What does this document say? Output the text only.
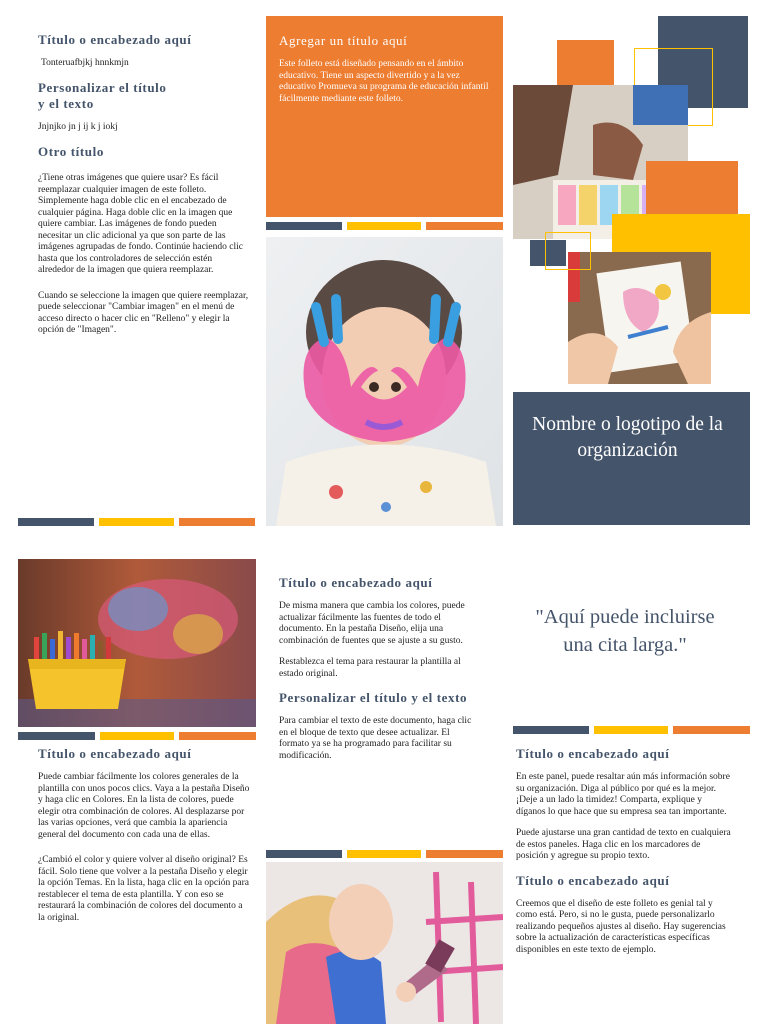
Título o encabezado aquí

Tonteruafbjkj hnnkmjn

Personalizar el título
y el texto

Jnjnjko jn j ij k j iokj

Otro título

¿Tiene otras imágenes que quiere usar? Es fácil reemplazar cualquier imagen de este folleto. Simplemente haga doble clic en el encabezado de cualquier página. Haga doble clic en la imagen que quiere cambiar. Las imágenes de fondo pueden necesitar un clic adicional ya que son parte de las imágenes agrupadas de fondo. Continúe haciendo clic hasta que los controladores de selección estén alrededor de la imagen que quiera reemplazar.

Cuando se seleccione la imagen que quiere reemplazar, puede seleccionar "Cambiar imagen" en el menú de acceso directo o hacer clic en "Relleno" y elegir la opción de "Imagen".

Agregar un título aquí

Este folleto está diseñado pensando en el ámbito educativo. Tiene un aspecto divertido y a la vez educativo Promueva su programa de educación infantil fácilmente mediante este folleto.

Nombre o logotipo de la organización

Título o encabezado aquí

Puede cambiar fácilmente los colores generales de la plantilla con unos pocos clics. Vaya a la pestaña Diseño y haga clic en Colores. En la lista de colores, puede elegir otra combinación de colores. Al desplazarse por las varias opciones, verá que cambia la apariencia general del documento con cada una de ellas.

¿Cambió el color y quiere volver al diseño original? Es fácil. Solo tiene que volver a la pestaña Diseño y elegir la opción Temas. En la lista, haga clic en la opción para restablecer el tema de esta plantilla. Y con eso se restaurará la combinación de colores del documento a la original.

Título o encabezado aquí

De misma manera que cambia los colores, puede actualizar fácilmente las fuentes de todo el documento. En la pestaña Diseño, elija una combinación de fuentes que se ajuste a su gusto.

Restablezca el tema para restaurar la plantilla al estado original.

Personalizar el título y el texto

Para cambiar el texto de este documento, haga clic en el bloque de texto que desee actualizar. El formato ya se ha programado para facilitar su modificación.

"Aquí puede incluirse una cita larga."

Título o encabezado aquí

En este panel, puede resaltar aún más información sobre su organización. Diga al público por qué es la mejor. ¡Deje a un lado la timidez! Comparta, explique y díganos lo que hace que su empresa sea tan importante.

Puede ajustarse una gran cantidad de texto en cualquiera de estos paneles. Haga clic en los marcadores de posición y agregue su propio texto.

Título o encabezado aquí

Creemos que el diseño de este folleto es genial tal y como está. Pero, si no le gusta, puede personalizarlo realizando pequeños ajustes al diseño. Hay sugerencias sobre la actualización de características específicas disponibles en este texto de ejemplo.
